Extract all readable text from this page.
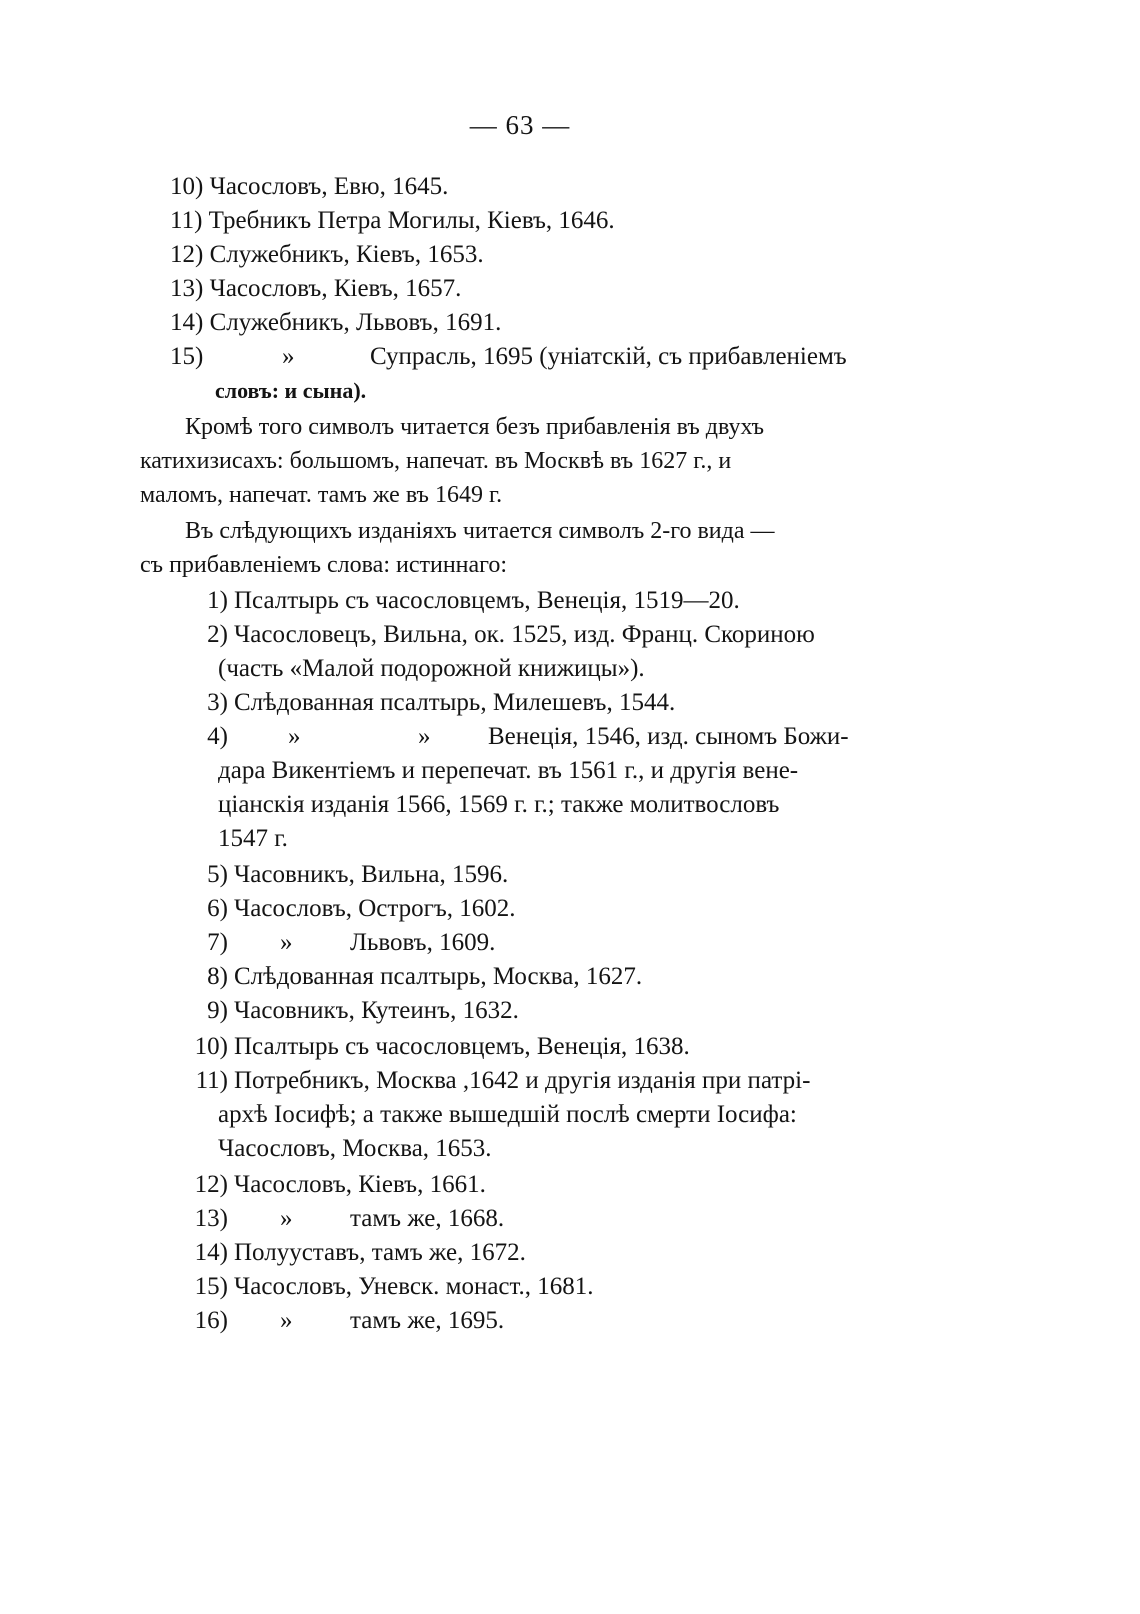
— 63 —
10) Часословъ, Евю, 1645.
11) Требникъ Петра Могилы, Кіевъ, 1646.
12) Служебникъ, Кіевъ, 1653.
13) Часословъ, Кіевъ, 1657.
14) Служебникъ, Львовъ, 1691.
15)	»	Супрасль, 1695 (уніатскій, съ прибавленіемъ
словъ: и сына).
Кромѣ того символъ читается безъ прибавленія въ двухъ
катихизисахъ: большомъ, напечат. въ Москвѣ въ 1627 г., и
маломъ, напечат. тамъ же въ 1649 г.
Въ слѣдующихъ изданіяхъ читается символъ 2-го вида —
съ прибавленіемъ слова: истиннаго:
1) Псалтырь съ часословцемъ, Венеція, 1519—20.
2) Часословецъ, Вильна, ок. 1525, изд. Франц. Скориною
(часть «Малой подорожной книжицы»).
3) Слѣдованная псалтырь, Милешевъ, 1544.
4) »	» Венеція, 1546, изд. сыномъ Божи-
дара Викентіемъ и перепечат. въ 1561 г., и другія вене-
ціанскія изданія 1566, 1569 г. г.; также молитвословъ
1547 г.
5) Часовникъ, Вильна, 1596.
6) Часословъ, Острогъ, 1602.
7) » Львовъ, 1609.
8) Слѣдованная псалтырь, Москва, 1627.
9) Часовникъ, Кутеинъ, 1632.
10) Псалтырь съ часословцемъ, Венеція, 1638.
11) Потребникъ, Москва ,1642 и другія изданія при патрі-
архѣ Іосифѣ; а также вышедшій послѣ смерти Іосифа:
Часословъ, Москва, 1653.
12) Часословъ, Кіевъ, 1661.
13) » тамъ же, 1668.
14) Полууставъ, тамъ же, 1672.
15) Часословъ, Уневск. монаст., 1681.
16) » тамъ же, 1695.
